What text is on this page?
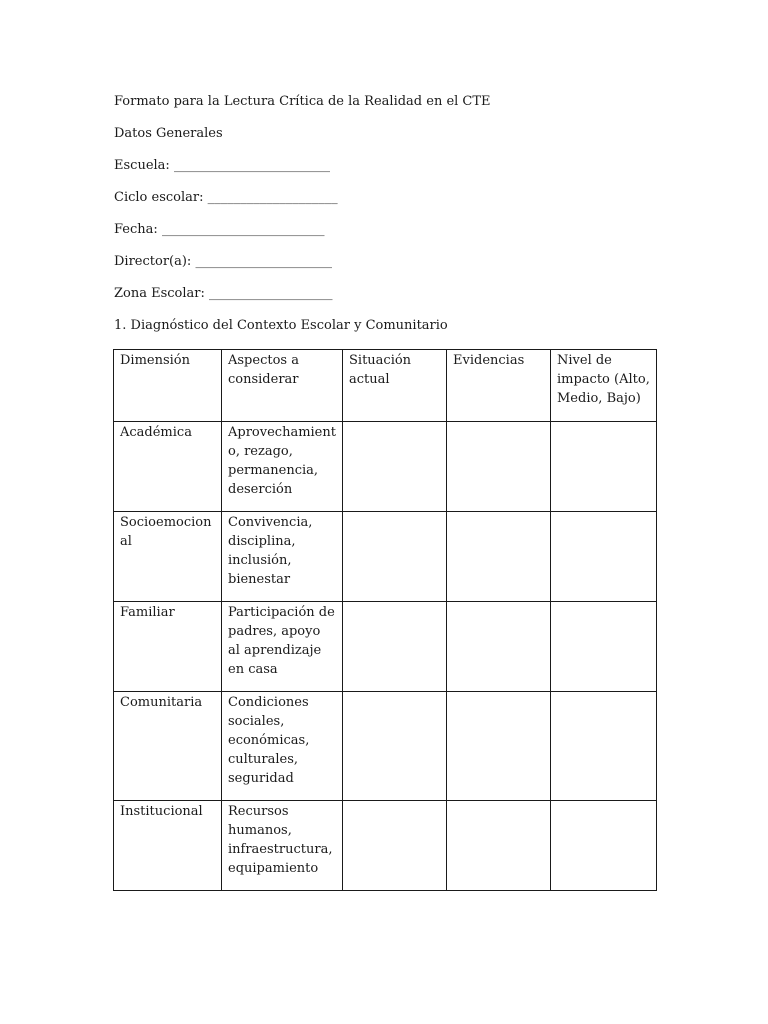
Formato para la Lectura Crítica de la Realidad en el CTE
Datos Generales
Escuela: ________________________
Ciclo escolar: ____________________
Fecha: _________________________
Director(a): _____________________
Zona Escolar: ___________________
1. Diagnóstico del Contexto Escolar y Comunitario
Dimensión	Aspectos a considerar	Situación actual	Evidencias	Nivel de impacto (Alto, Medio, Bajo)
Académica	Aprovechamiento, rezago, permanencia, deserción			
Socioemocional	Convivencia, disciplina, inclusión, bienestar			
Familiar	Participación de padres, apoyo al aprendizaje en casa			
Comunitaria	Condiciones sociales, económicas, culturales, seguridad			
Institucional	Recursos humanos, infraestructura, equipamiento			
